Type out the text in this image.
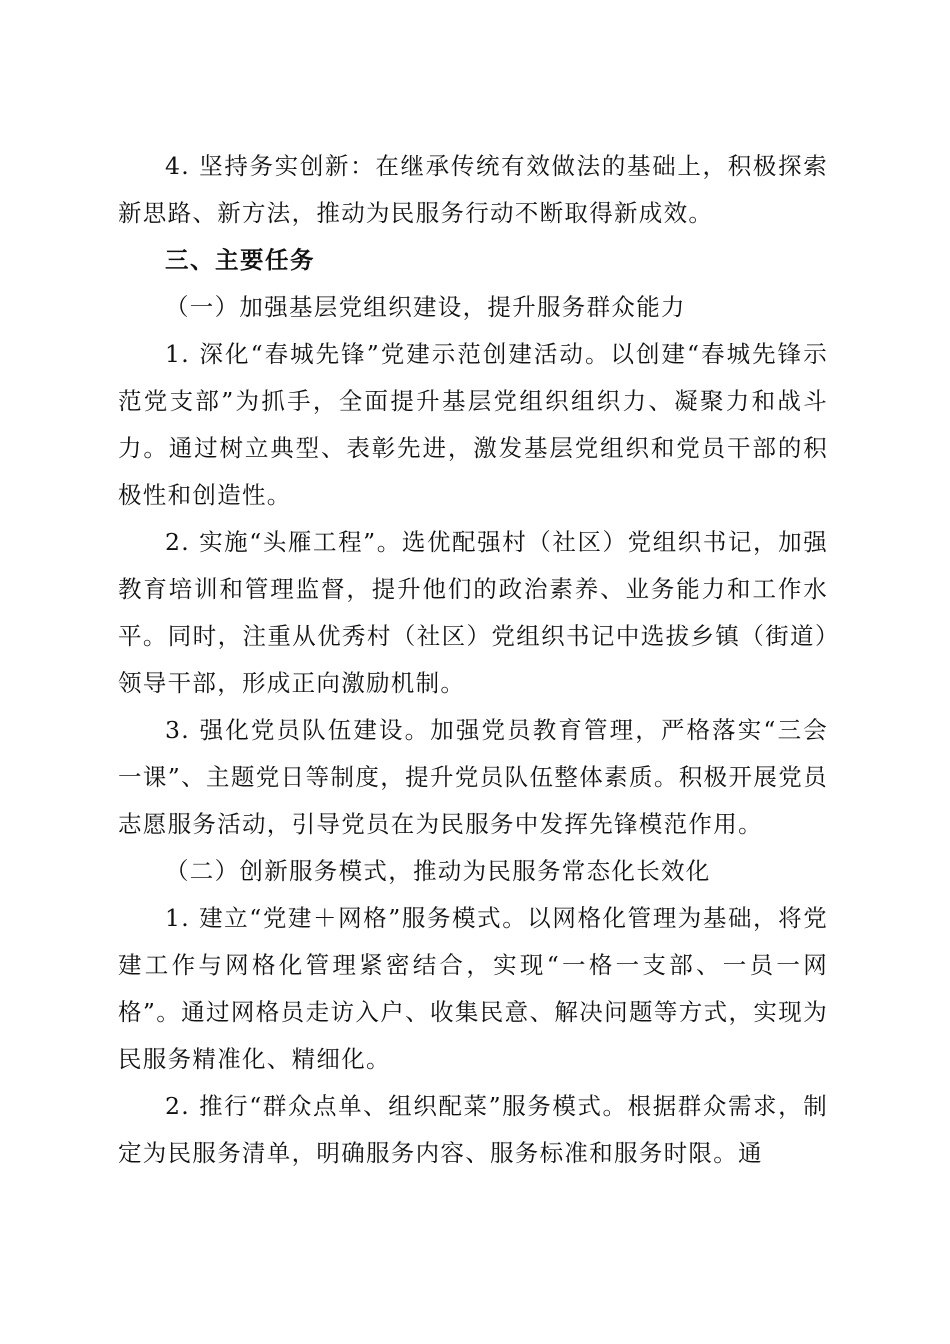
4. 坚持务实创新：在继承传统有效做法的基础上，积极探索新思路、新方法，推动为民服务行动不断取得新成效。

三、主要任务

（一）加强基层党组织建设，提升服务群众能力

1. 深化“春城先锋”党建示范创建活动。以创建“春城先锋示范党支部”为抓手，全面提升基层党组织组织力、凝聚力和战斗力。通过树立典型、表彰先进，激发基层党组织和党员干部的积极性和创造性。

2. 实施“头雁工程”。选优配强村（社区）党组织书记，加强教育培训和管理监督，提升他们的政治素养、业务能力和工作水平。同时，注重从优秀村（社区）党组织书记中选拔乡镇（街道）领导干部，形成正向激励机制。

3. 强化党员队伍建设。加强党员教育管理，严格落实“三会一课”、主题党日等制度，提升党员队伍整体素质。积极开展党员志愿服务活动，引导党员在为民服务中发挥先锋模范作用。

（二）创新服务模式，推动为民服务常态化长效化

1. 建立“党建＋网格”服务模式。以网格化管理为基础，将党建工作与网格化管理紧密结合，实现“一格一支部、一员一网格”。通过网格员走访入户、收集民意、解决问题等方式，实现为民服务精准化、精细化。

2. 推行“群众点单、组织配菜”服务模式。根据群众需求，制定为民服务清单，明确服务内容、服务标准和服务时限。通
